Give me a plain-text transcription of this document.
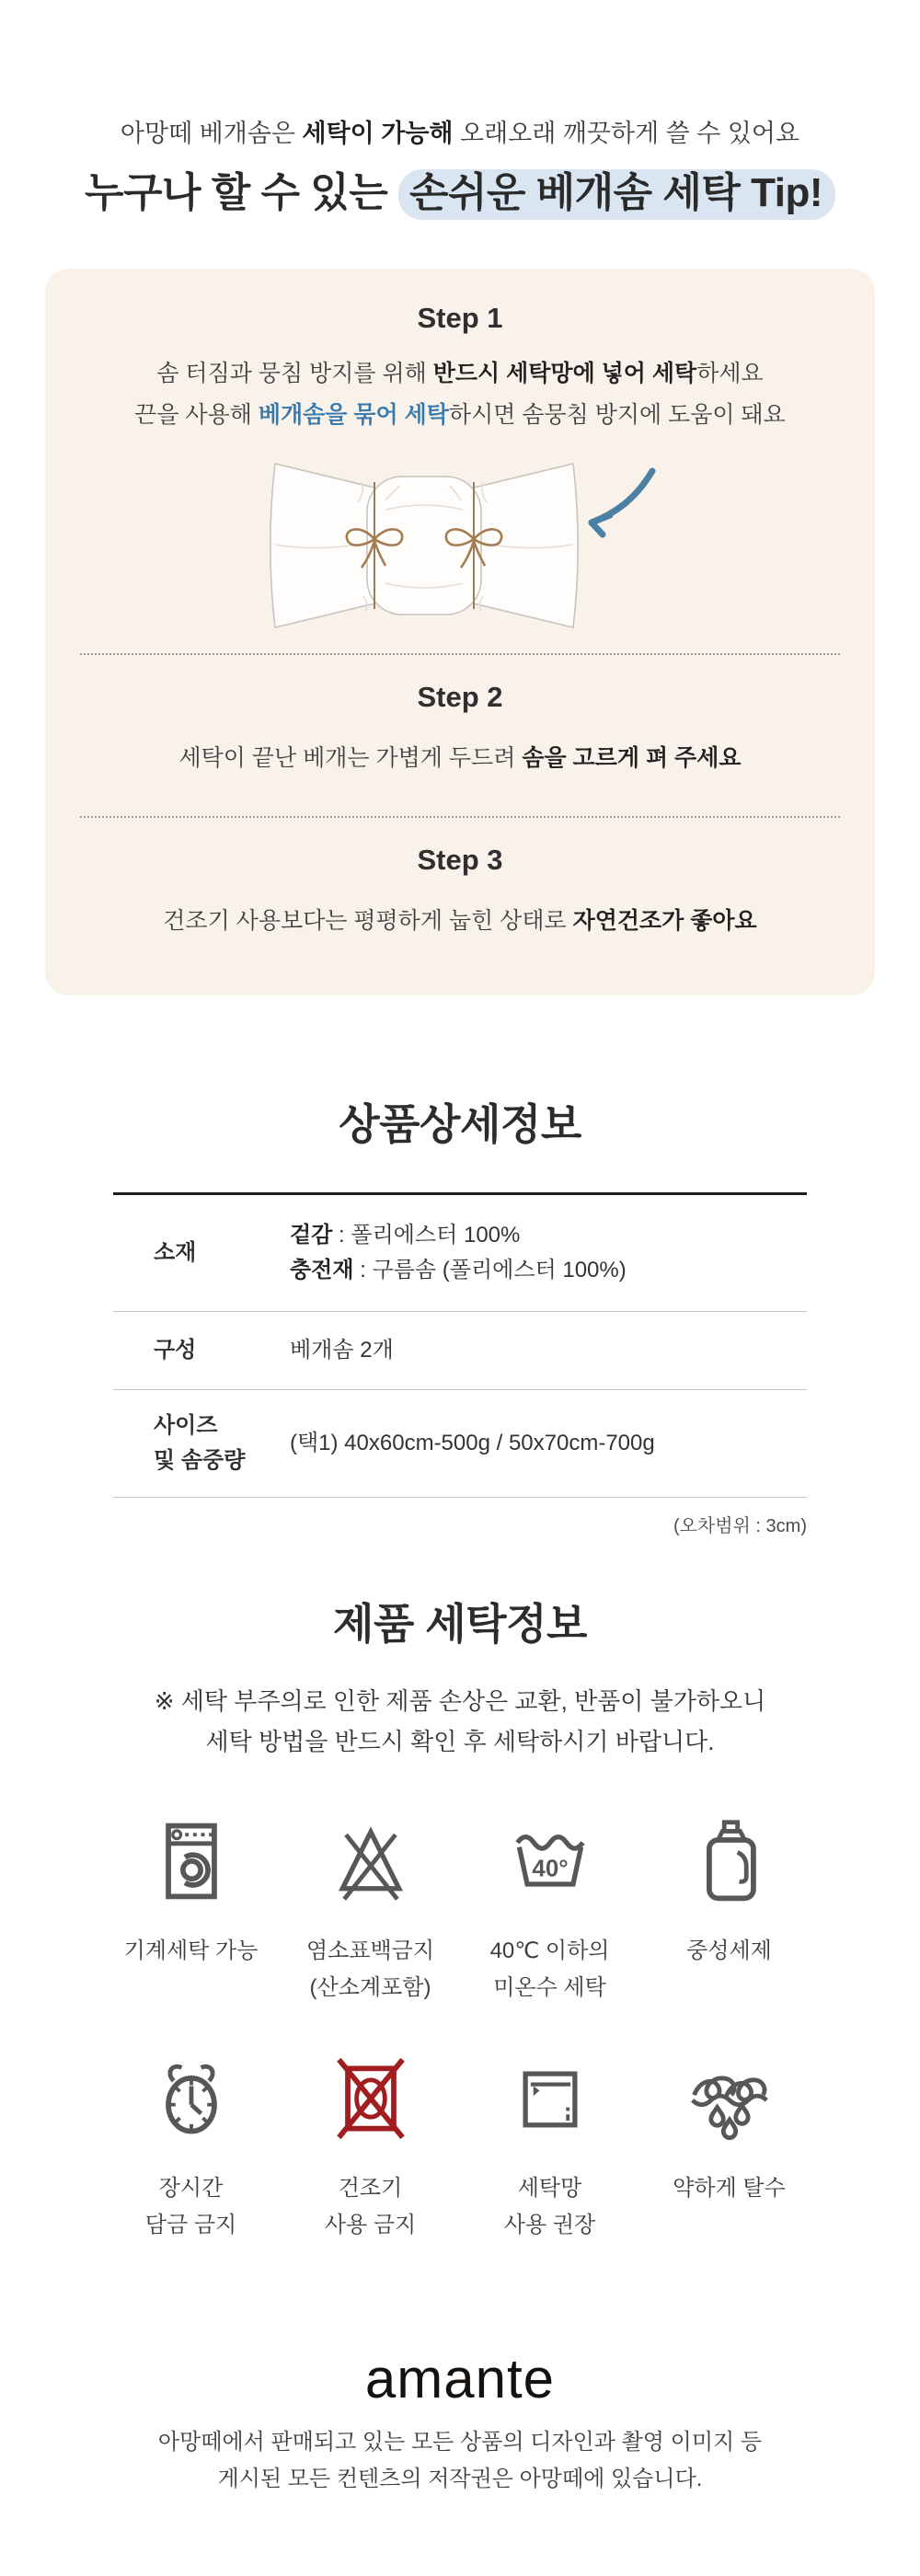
아망떼 베개솜은 세탁이 가능해 오래오래 깨끗하게 쓸 수 있어요
누구나 할 수 있는 손쉬운 베개솜 세탁 Tip!
Step 1

솜 터짐과 뭉침 방지를 위해 반드시 세탁망에 넣어 세탁하세요
끈을 사용해 베개솜을 묶어 세탁하시면 솜뭉침 방지에 도움이 돼요

Step 2

세탁이 끝난 베개는 가볍게 두드려 솜을 고르게 펴 주세요

Step 3

건조기 사용보다는 평평하게 눕힌 상태로 자연건조가 좋아요

상품상세정보
소재
겉감 : 폴리에스터 100%
충전재 : 구름솜 (폴리에스터 100%)
구성	베개솜 2개
사이즈
및 솜중량
(택1) 40x60cm-500g / 50x70cm-700g
(오차범위 : 3cm)
제품 세탁정보
※ 세탁 부주의로 인한 제품 손상은 교환, 반품이 불가하오니
세탁 방법을 반드시 확인 후 세탁하시기 바랍니다.
기계세탁 가능	염소표백금지
(산소계포함)
40°
40℃ 이하의
미온수 세탁
중성세제
장시간
담금 금지
건조기
사용 금지
세탁망
사용 권장
약하게 탈수
amante
아망떼에서 판매되고 있는 모든 상품의 디자인과 촬영 이미지 등
게시된 모든 컨텐츠의 저작권은 아망떼에 있습니다.
